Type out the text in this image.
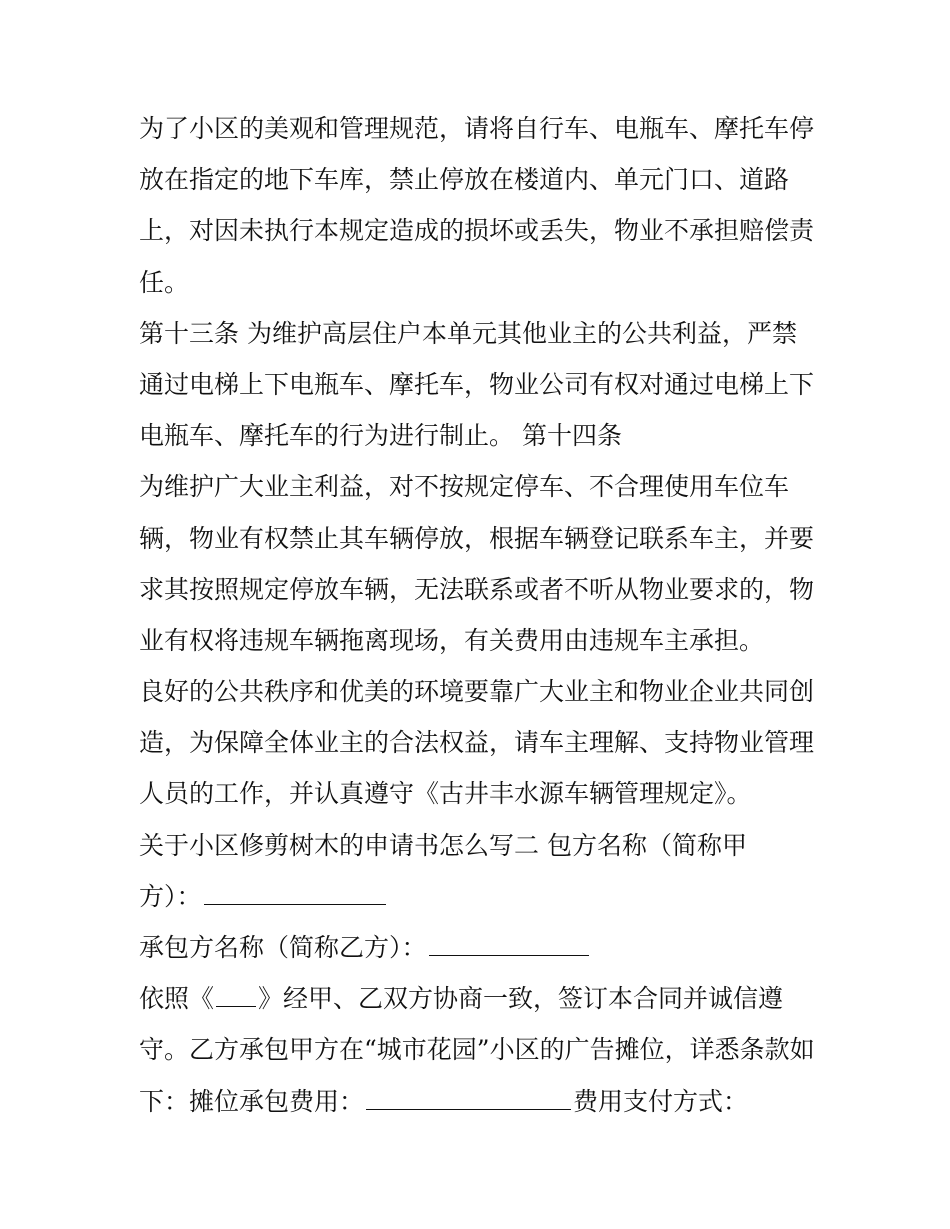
为了小区的美观和管理规范，请将自行车、电瓶车、摩托车停
放在指定的地下车库，禁止停放在楼道内、单元门口、道路
上，对因未执行本规定造成的损坏或丢失，物业不承担赔偿责
任。
第十三条 为维护高层住户本单元其他业主的公共利益，严禁
通过电梯上下电瓶车、摩托车，物业公司有权对通过电梯上下
电瓶车、摩托车的行为进行制止。 第十四条
为维护广大业主利益，对不按规定停车、不合理使用车位车
辆，物业有权禁止其车辆停放，根据车辆登记联系车主，并要
求其按照规定停放车辆，无法联系或者不听从物业要求的，物
业有权将违规车辆拖离现场，有关费用由违规车主承担。
良好的公共秩序和优美的环境要靠广大业主和物业企业共同创
造，为保障全体业主的合法权益，请车主理解、支持物业管理
人员的工作，并认真遵守《古井丰水源车辆管理规定》。
关于小区修剪树木的申请书怎么写二 包方名称（简称甲
方）：
承包方名称（简称乙方）：
依照《 》经甲、乙双方协商一致，签订本合同并诚信遵
守。乙方承包甲方在“城市花园”小区的广告摊位，详悉条款如
下：摊位承包费用：	费用支付方式：
